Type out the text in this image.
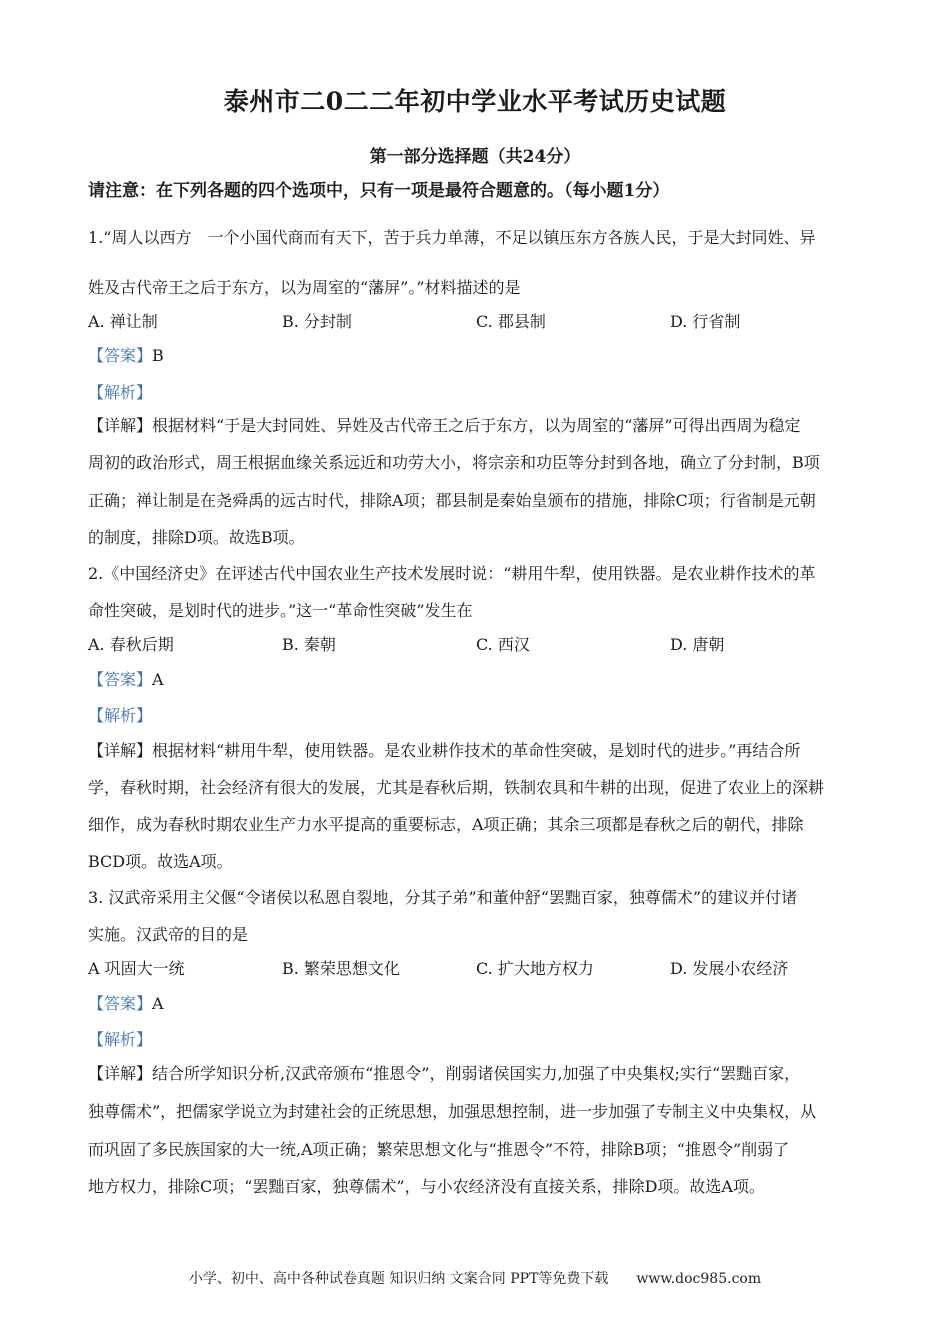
泰州市二0二二年初中学业水平考试历史试题
第一部分选择题（共24分）
请注意：在下列各题的四个选项中，只有一项是最符合题意的。（每小题1分）
1.“周人以西方　一个小国代商而有天下，苦于兵力单薄，不足以镇压东方各族人民，于是大封同姓、异
姓及古代帝王之后于东方，以为周室的“藩屏”。”材料描述的是
A. 禅让制	B. 分封制	C. 郡县制	D. 行省制
【答案】B
【解析】
【详解】根据材料“于是大封同姓、异姓及古代帝王之后于东方，以为周室的“藩屏”可得出西周为稳定
周初的政治形式，周王根据血缘关系远近和功劳大小，将宗亲和功臣等分封到各地，确立了分封制，B项
正确；禅让制是在尧舜禹的远古时代，排除A项；郡县制是秦始皇颁布的措施，排除C项；行省制是元朝
的制度，排除D项。故选B项。
2.《中国经济史》在评述古代中国农业生产技术发展时说：“耕用牛犁，使用铁器。是农业耕作技术的革
命性突破，是划时代的进步。”这一“革命性突破”发生在
A. 春秋后期	B. 秦朝	C. 西汉	D. 唐朝
【答案】A
【解析】
【详解】根据材料“耕用牛犁，使用铁器。是农业耕作技术的革命性突破，是划时代的进步。”再结合所
学，春秋时期，社会经济有很大的发展，尤其是春秋后期，铁制农具和牛耕的出现，促进了农业上的深耕
细作，成为春秋时期农业生产力水平提高的重要标志，A项正确；其余三项都是春秋之后的朝代，排除
BCD项。故选A项。
3. 汉武帝采用主父偃“令诸侯以私恩自裂地，分其子弟”和董仲舒“罢黜百家，独尊儒术”的建议并付诸
实施。汉武帝的目的是
A 巩固大一统	B. 繁荣思想文化	C. 扩大地方权力	D. 发展小农经济
【答案】A
【解析】
【详解】结合所学知识分析,汉武帝颁布“推恩令”，削弱诸侯国实力,加强了中央集权;实行“罢黜百家，
独尊儒术”，把儒家学说立为封建社会的正统思想，加强思想控制，进一步加强了专制主义中央集权，从
而巩固了多民族国家的大一统,A项正确；繁荣思想文化与“推恩令”不符，排除B项；“推恩令”削弱了
地方权力，排除C项；“罢黜百家，独尊儒术”，与小农经济没有直接关系，排除D项。故选A项。
小学、初中、高中各种试卷真题 知识归纳 文案合同 PPT等免费下载 www.doc985.com
